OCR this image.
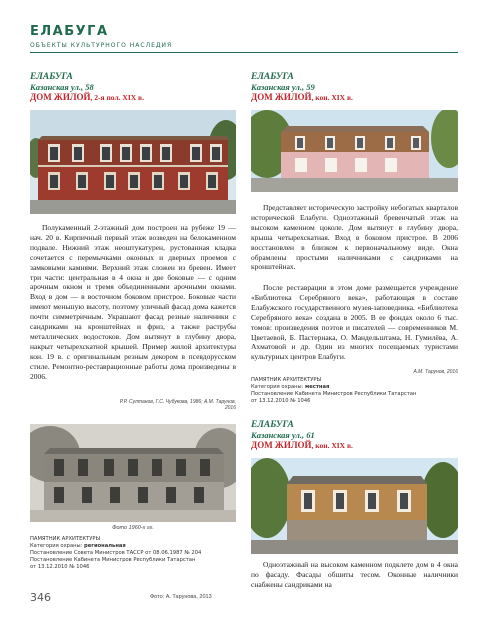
ЕЛАБУГА
ОБЪЕКТЫ КУЛЬТУРНОГО НАСЛЕДИЯ
ЕЛАБУГА
Казанская ул., 58
ДОМ ЖИЛОЙ, 2-я пол. XIX в.
Полукаменный 2-этажный дом построен на рубеже 19 — нач. 20 в. Кирпичный первый этаж возведен на белокаменном подвале. Нижний этаж неоштукатурен, рустованная кладка сочетается с перемычками оконных и дверных проемов с замковыми камнями. Верхний этаж сложен из бревен. Имеет три части: центральная в 4 окна и две боковые — с одним арочным окном и тремя объединенными арочными окнами. Вход в дом — в восточном боковом пристрое. Боковые части имеют меньшую высоту, поэтому уличный фасад дома кажется почти симметричным. Украшают фасад резные наличники с сандриками на кронштейнах и фриз, а также раструбы металлических водостоков. Дом вытянут в глубину двора, накрыт четырехскатной крышей. Пример жилой архитектуры кон. 19 в. с оригинальным резным декором в псевдорусском стиле. Ремонтно-реставрационные работы дома произведены в 2006.
Р.Р. Султанов, Г.С. Чубукова, 1986; А.М. Тарунов, 2016
Фото 1960-х гг.
ПАМЯТНИК АРХИТЕКТУРЫ
Категория охраны: региональная
Постановление Совета Министров ТАССР от 08.06.1987 № 204
Постановление Кабинета Министров Республики Татарстан
от 13.12.2010 № 1046
ЕЛАБУГА
Казанская ул., 59
ДОМ ЖИЛОЙ, кон. XIX в.
Представляет историческую застройку небогатых кварталов исторической Елабуги. Одноэтажный бревенчатый этаж на высоком каменном цоколе. Дом вытянут в глубину двора, крыша четырехскатная. Вход в боковом пристрое. В 2006 восстановлен в близком к первоначальному виде. Окна обрамлены простыми наличниками с сандриками на кронштейнах.
После реставрации в этом доме размещается учреждение «Библиотека Серебряного века», работающая в составе Елабужского государственного музея-заповедника. «Библиотека Серебряного века» создана в 2005. В ее фондах около 6 тыс. томов: произведения поэтов и писателей — современников М. Цветаевой, Б. Пастернака, О. Мандельштама, Н. Гумилёва, А. Ахматовой и др. Один из многих посещаемых туристами культурных центров Елабуги.
А.М. Тарунов, 2016
ПАМЯТНИК АРХИТЕКТУРЫ
Категория охраны: местная
Постановление Кабинета Министров Республики Татарстан
от 13.12.2010 № 1046
ЕЛАБУГА
Казанская ул., 61
ДОМ ЖИЛОЙ, кон. XIX в.
Одноэтажный на высоком каменном подклете дом в 4 окна по фасаду. Фасады обшиты тесом. Оконные наличники снабжены сандриками на
346	Фото: А. Тарунова, 2013
